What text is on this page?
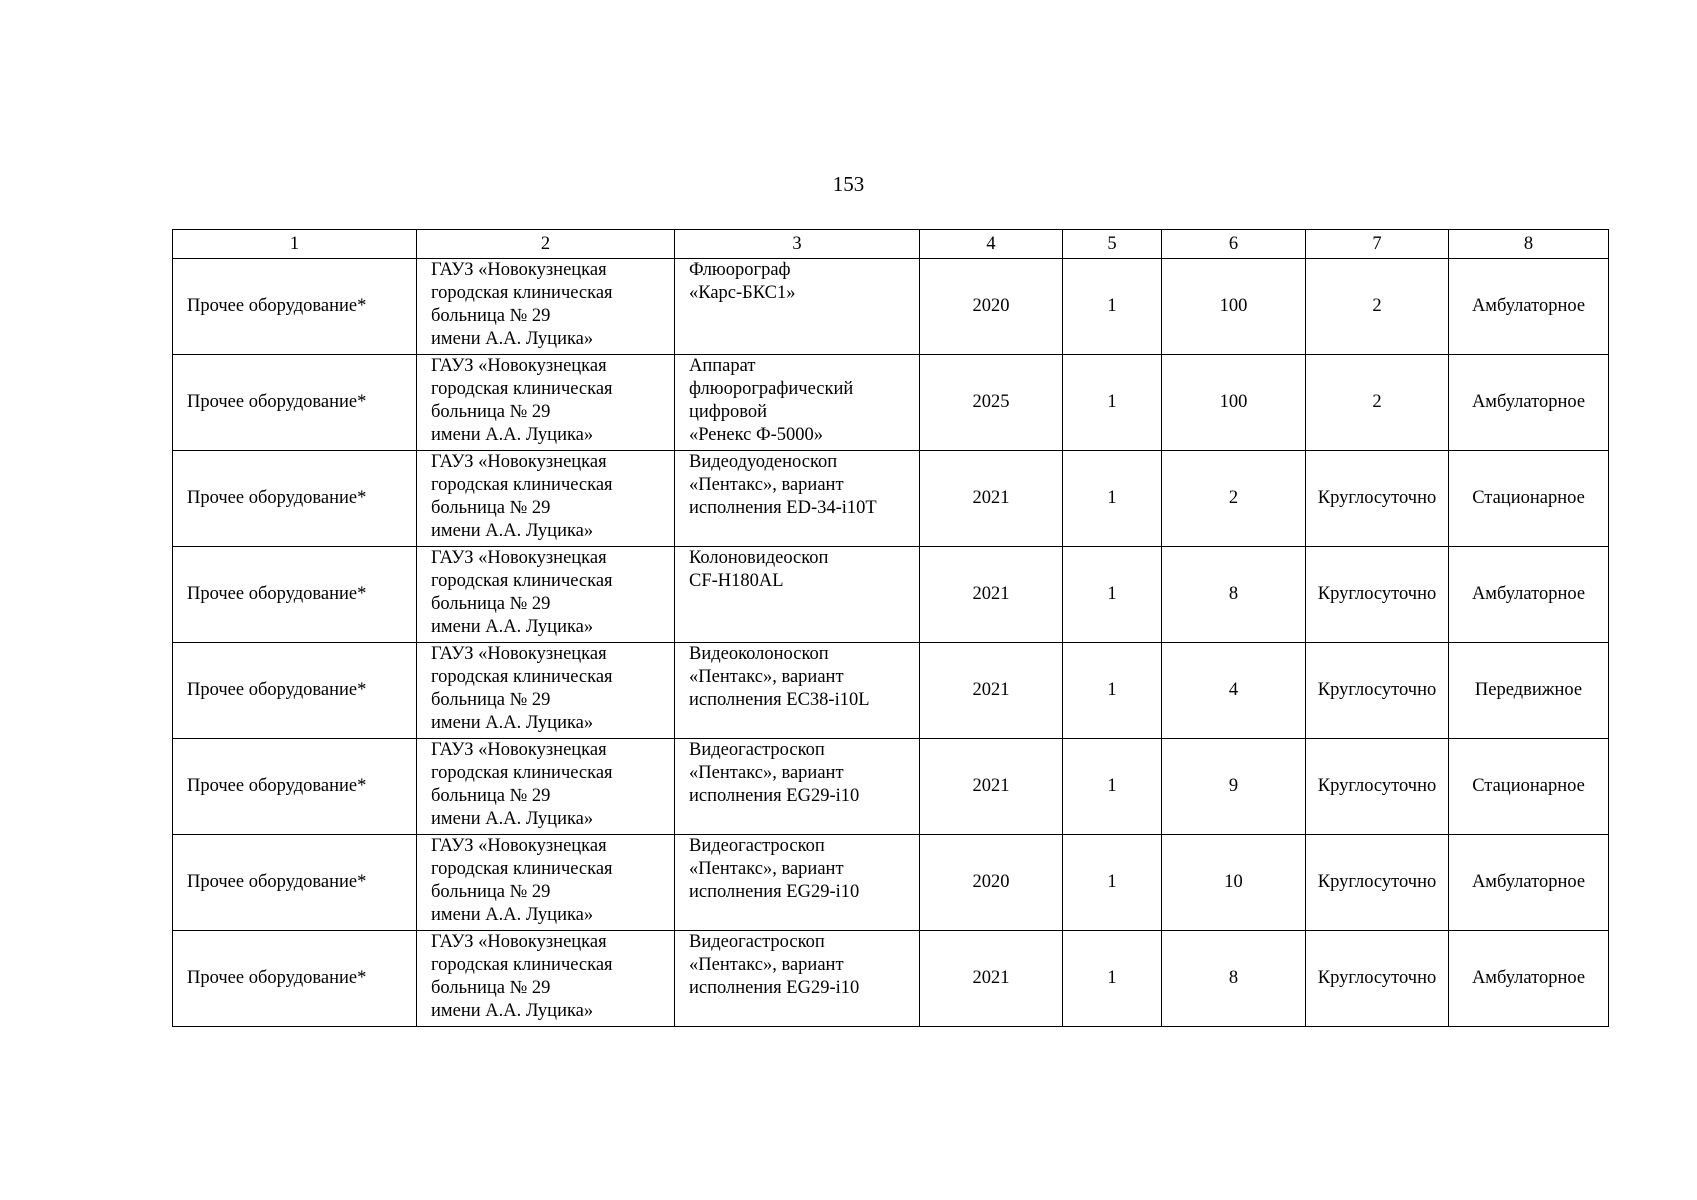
153
1	2	3	4	5	6	7	8
Прочее оборудование*	ГАУЗ «Новокузнецкая
городская клиническая
больница № 29
имени А.А. Луцика»	Флюорограф
«Карс-БКС1»	2020	1	100	2	Амбулаторное
Прочее оборудование*	ГАУЗ «Новокузнецкая
городская клиническая
больница № 29
имени А.А. Луцика»	Аппарат
флюорографический
цифровой
«Ренекс Ф-5000»	2025	1	100	2	Амбулаторное
Прочее оборудование*	ГАУЗ «Новокузнецкая
городская клиническая
больница № 29
имени А.А. Луцика»	Видеодуоденоскоп
«Пентакс», вариант
исполнения ED-34-i10T	2021	1	2	Круглосуточно	Стационарное
Прочее оборудование*	ГАУЗ «Новокузнецкая
городская клиническая
больница № 29
имени А.А. Луцика»	Колоновидеоскоп
CF-H180AL	2021	1	8	Круглосуточно	Амбулаторное
Прочее оборудование*	ГАУЗ «Новокузнецкая
городская клиническая
больница № 29
имени А.А. Луцика»	Видеоколоноскоп
«Пентакс», вариант
исполнения EC38-i10L	2021	1	4	Круглосуточно	Передвижное
Прочее оборудование*	ГАУЗ «Новокузнецкая
городская клиническая
больница № 29
имени А.А. Луцика»	Видеогастроскоп
«Пентакс», вариант
исполнения EG29-i10	2021	1	9	Круглосуточно	Стационарное
Прочее оборудование*	ГАУЗ «Новокузнецкая
городская клиническая
больница № 29
имени А.А. Луцика»	Видеогастроскоп
«Пентакс», вариант
исполнения EG29-i10	2020	1	10	Круглосуточно	Амбулаторное
Прочее оборудование*	ГАУЗ «Новокузнецкая
городская клиническая
больница № 29
имени А.А. Луцика»	Видеогастроскоп
«Пентакс», вариант
исполнения EG29-i10	2021	1	8	Круглосуточно	Амбулаторное
